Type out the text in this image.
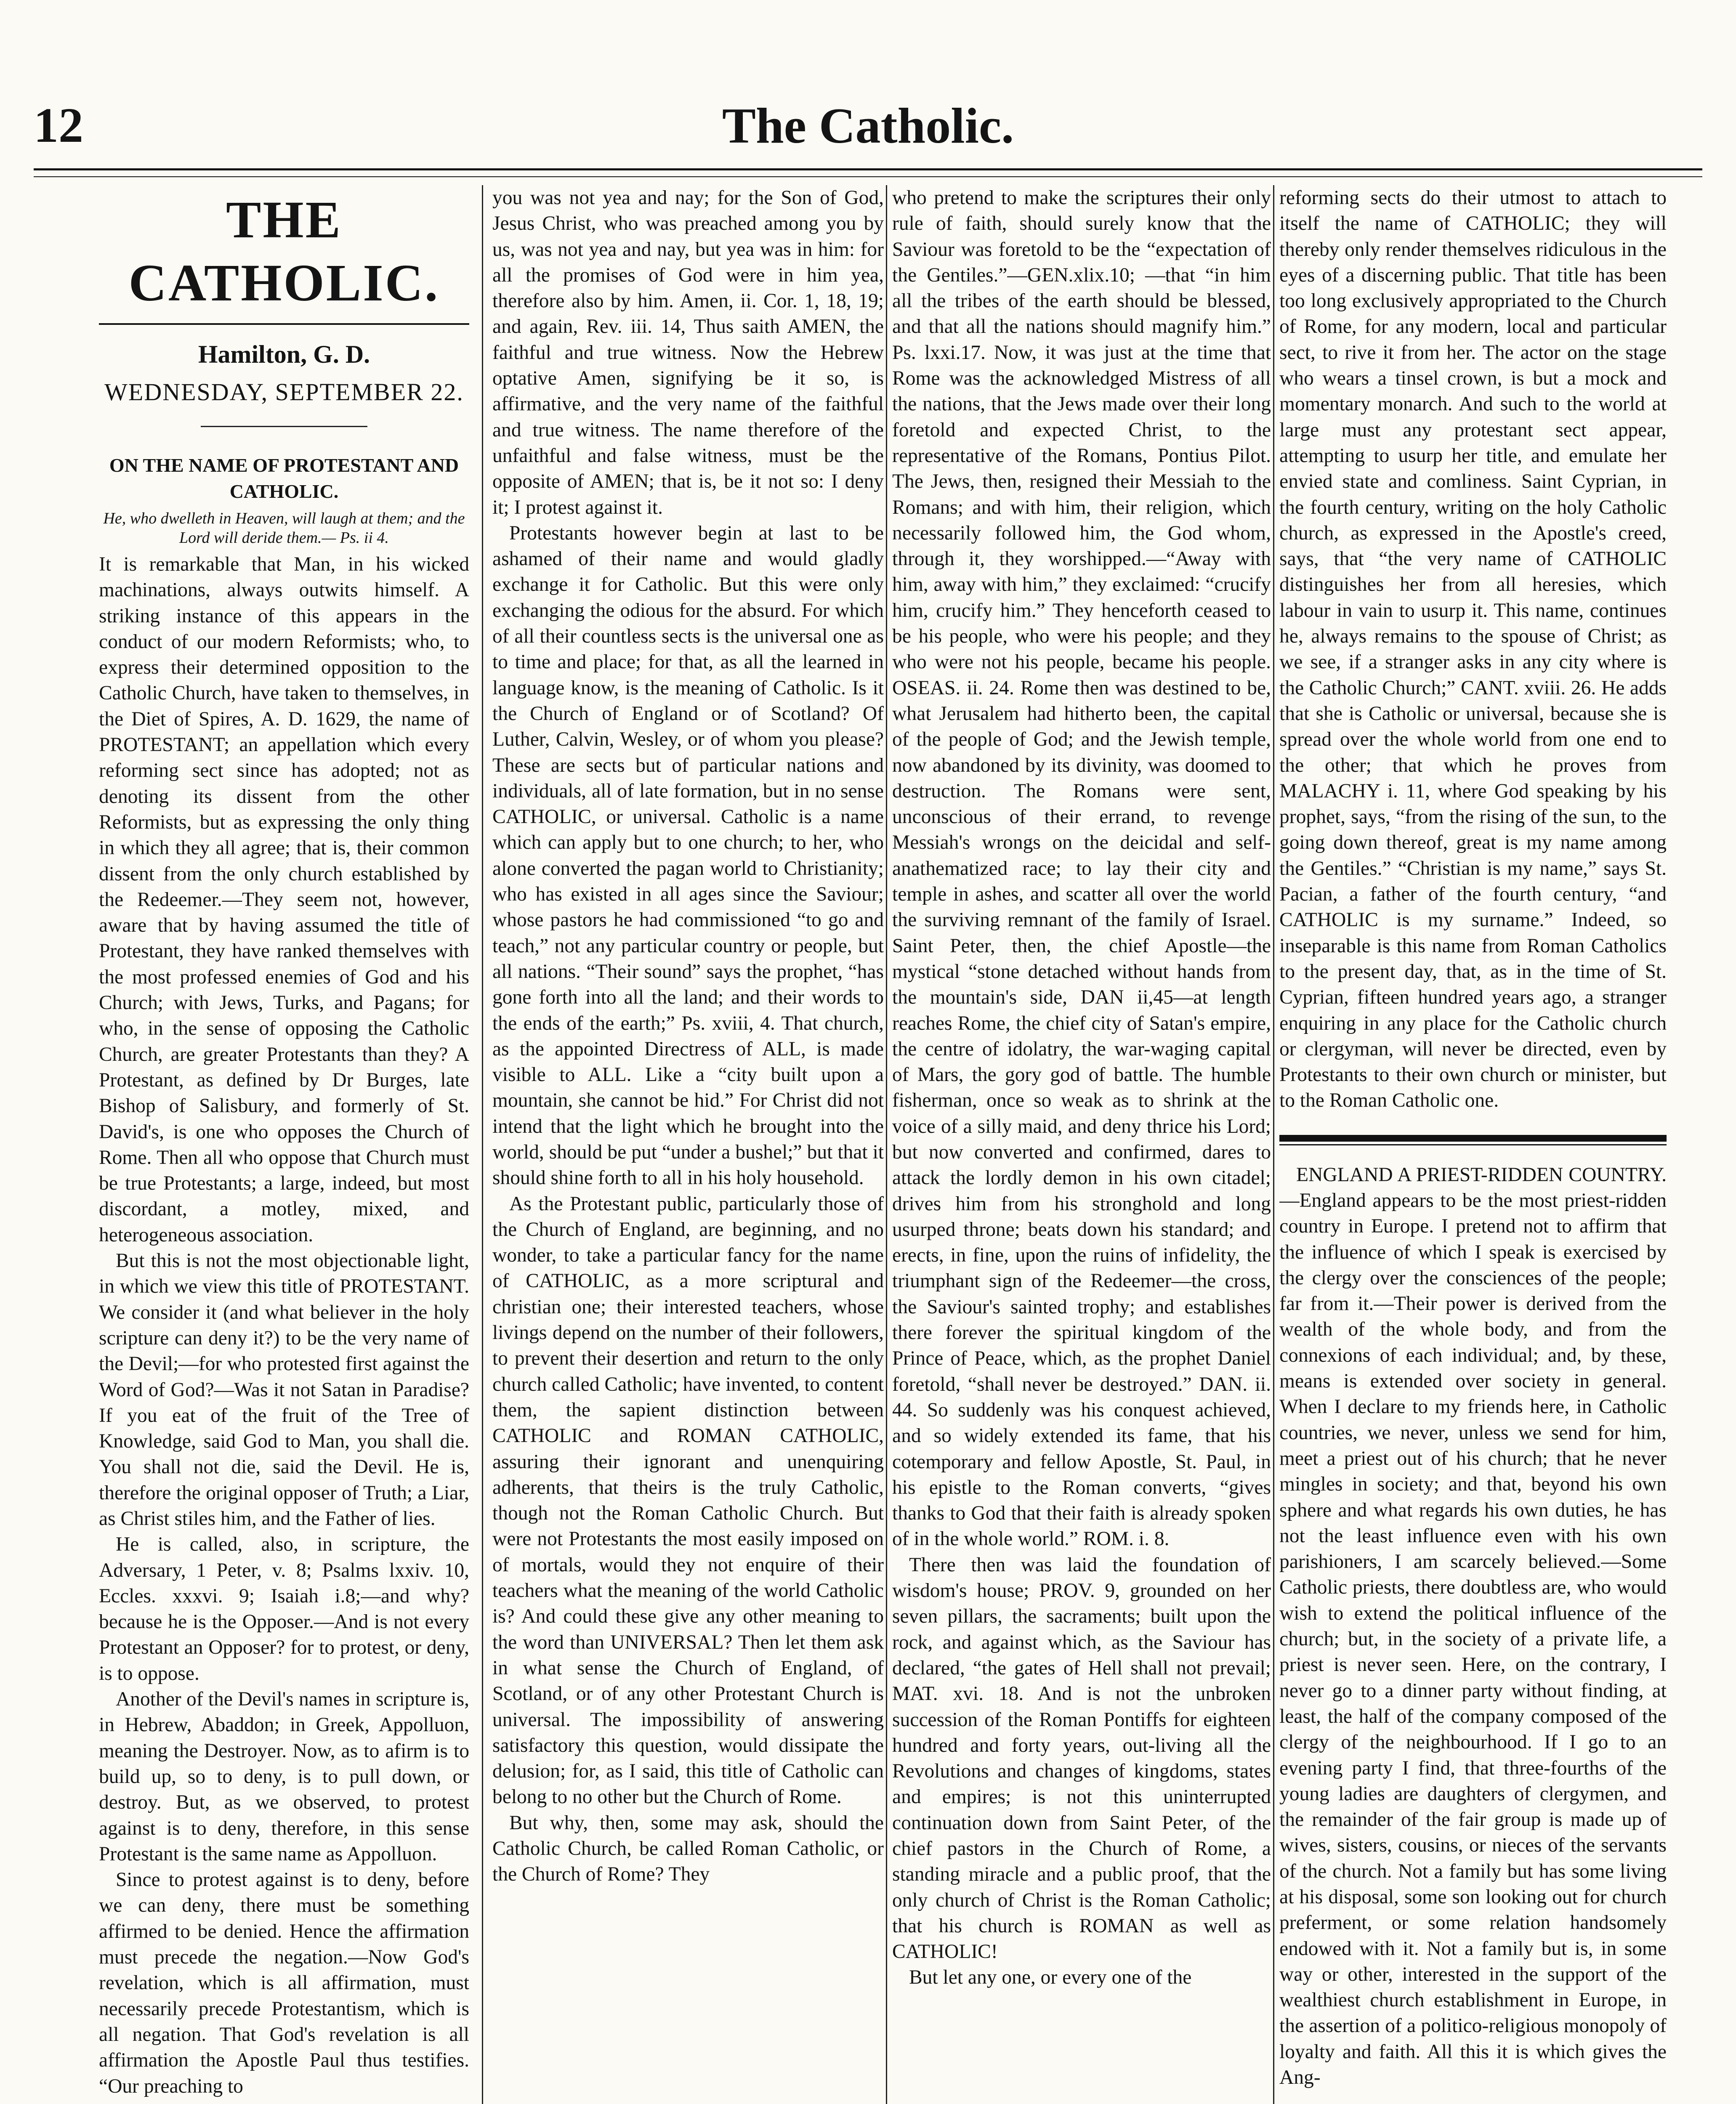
12	The Catholic.
THE CATHOLIC.
Hamilton, G. D.
WEDNESDAY, SEPTEMBER 22.
ON THE NAME OF PROTESTANT AND CATHOLIC.
He, who dwelleth in Heaven, will laugh at them; and the Lord will deride them.— Ps. ii 4.

It is remarkable that Man, in his wicked machinations, always outwits himself. A striking instance of this appears in the conduct of our modern Reformists; who, to express their determined opposition to the Catholic Church, have taken to themselves, in the Diet of Spires, A. D. 1629, the name of PROTESTANT; an appellation which every reforming sect since has adopted; not as denoting its dissent from the other Reformists, but as expressing the only thing in which they all agree; that is, their common dissent from the only church established by the Redeemer.—They seem not, however, aware that by having assumed the title of Protestant, they have ranked themselves with the most professed enemies of God and his Church; with Jews, Turks, and Pagans; for who, in the sense of opposing the Catholic Church, are greater Protestants than they? A Protestant, as defined by Dr Burges, late Bishop of Salisbury, and formerly of St. David's, is one who opposes the Church of Rome. Then all who oppose that Church must be true Protestants; a large, indeed, but most discordant, a motley, mixed, and heterogeneous association.

But this is not the most objectionable light, in which we view this title of PROTESTANT. We consider it (and what believer in the holy scripture can deny it?) to be the very name of the Devil;—for who protested first against the Word of God?—Was it not Satan in Paradise? If you eat of the fruit of the Tree of Knowledge, said God to Man, you shall die. You shall not die, said the Devil. He is, therefore the original opposer of Truth; a Liar, as Christ stiles him, and the Father of lies.

He is called, also, in scripture, the Adversary, 1 Peter, v. 8; Psalms lxxiv. 10, Eccles. xxxvi. 9; Isaiah i.8;—and why? because he is the Opposer.—And is not every Protestant an Opposer? for to protest, or deny, is to oppose.

Another of the Devil's names in scripture is, in Hebrew, Abaddon; in Greek, Appolluon, meaning the Destroyer. Now, as to afirm is to build up, so to deny, is to pull down, or destroy. But, as we observed, to protest against is to deny, therefore, in this sense Protestant is the same name as Appolluon.

Since to protest against is to deny, before we can deny, there must be something affirmed to be denied. Hence the affirmation must precede the negation.—Now God's revelation, which is all affirmation, must necessarily precede Protestantism, which is all negation. That God's revelation is all affirmation the Apostle Paul thus testifies. “Our preaching to

you was not yea and nay; for the Son of God, Jesus Christ, who was preached among you by us, was not yea and nay, but yea was in him: for all the promises of God were in him yea, therefore also by him. Amen, ii. Cor. 1, 18, 19; and again, Rev. iii. 14, Thus saith AMEN, the faithful and true witness. Now the Hebrew optative Amen, signifying be it so, is affirmative, and the very name of the faithful and true witness. The name therefore of the unfaithful and false witness, must be the opposite of AMEN; that is, be it not so: I deny it; I protest against it.

Protestants however begin at last to be ashamed of their name and would gladly exchange it for Catholic. But this were only exchanging the odious for the absurd. For which of all their countless sects is the universal one as to time and place; for that, as all the learned in language know, is the meaning of Catholic. Is it the Church of England or of Scotland? Of Luther, Calvin, Wesley, or of whom you please? These are sects but of particular nations and individuals, all of late formation, but in no sense CATHOLIC, or universal. Catholic is a name which can apply but to one church; to her, who alone converted the pagan world to Christianity; who has existed in all ages since the Saviour; whose pastors he had commissioned “to go and teach,” not any particular country or people, but all nations. “Their sound” says the prophet, “has gone forth into all the land; and their words to the ends of the earth;” Ps. xviii, 4. That church, as the appointed Directress of ALL, is made visible to ALL. Like a “city built upon a mountain, she cannot be hid.” For Christ did not intend that the light which he brought into the world, should be put “under a bushel;” but that it should shine forth to all in his holy household.

As the Protestant public, particularly those of the Church of England, are beginning, and no wonder, to take a particular fancy for the name of CATHOLIC, as a more scriptural and christian one; their interested teachers, whose livings depend on the number of their followers, to prevent their desertion and return to the only church called Catholic; have invented, to content them, the sapient distinction between CATHOLIC and ROMAN CATHOLIC, assuring their ignorant and unenquiring adherents, that theirs is the truly Catholic, though not the Roman Catholic Church. But were not Protestants the most easily imposed on of mortals, would they not enquire of their teachers what the meaning of the world Catholic is? And could these give any other meaning to the word than UNIVERSAL? Then let them ask in what sense the Church of England, of Scotland, or of any other Protestant Church is universal. The impossibility of answering satisfactory this question, would dissipate the delusion; for, as I said, this title of Catholic can belong to no other but the Church of Rome.

But why, then, some may ask, should the Catholic Church, be called Roman Catholic, or the Church of Rome? They

who pretend to make the scriptures their only rule of faith, should surely know that the Saviour was foretold to be the “expectation of the Gentiles.”—GEN.xlix.10; —that “in him all the tribes of the earth should be blessed, and that all the nations should magnify him.” Ps. lxxi.17. Now, it was just at the time that Rome was the acknowledged Mistress of all the nations, that the Jews made over their long foretold and expected Christ, to the representative of the Romans, Pontius Pilot. The Jews, then, resigned their Messiah to the Romans; and with him, their religion, which necessarily followed him, the God whom, through it, they worshipped.—“Away with him, away with him,” they exclaimed: “crucify him, crucify him.” They henceforth ceased to be his people, who were his people; and they who were not his people, became his people. OSEAS. ii. 24. Rome then was destined to be, what Jerusalem had hitherto been, the capital of the people of God; and the Jewish temple, now abandoned by its divinity, was doomed to destruction. The Romans were sent, unconscious of their errand, to revenge Messiah's wrongs on the deicidal and self-anathematized race; to lay their city and temple in ashes, and scatter all over the world the surviving remnant of the family of Israel. Saint Peter, then, the chief Apostle—the mystical “stone detached without hands from the mountain's side, DAN ii,45—at length reaches Rome, the chief city of Satan's empire, the centre of idolatry, the war-waging capital of Mars, the gory god of battle. The humble fisherman, once so weak as to shrink at the voice of a silly maid, and deny thrice his Lord; but now converted and confirmed, dares to attack the lordly demon in his own citadel; drives him from his stronghold and long usurped throne; beats down his standard; and erects, in fine, upon the ruins of infidelity, the triumphant sign of the Redeemer—the cross, the Saviour's sainted trophy; and establishes there forever the spiritual kingdom of the Prince of Peace, which, as the prophet Daniel foretold, “shall never be destroyed.” DAN. ii. 44. So suddenly was his conquest achieved, and so widely extended its fame, that his cotemporary and fellow Apostle, St. Paul, in his epistle to the Roman converts, “gives thanks to God that their faith is already spoken of in the whole world.” ROM. i. 8.

There then was laid the foundation of wisdom's house; PROV. 9, grounded on her seven pillars, the sacraments; built upon the rock, and against which, as the Saviour has declared, “the gates of Hell shall not prevail; MAT. xvi. 18. And is not the unbroken succession of the Roman Pontiffs for eighteen hundred and forty years, out-living all the Revolutions and changes of kingdoms, states and empires; is not this uninterrupted continuation down from Saint Peter, of the chief pastors in the Church of Rome, a standing miracle and a public proof, that the only church of Christ is the Roman Catholic; that his church is ROMAN as well as CATHOLIC!

But let any one, or every one of the

reforming sects do their utmost to attach to itself the name of CATHOLIC; they will thereby only render themselves ridiculous in the eyes of a discerning public. That title has been too long exclusively appropriated to the Church of Rome, for any modern, local and particular sect, to rive it from her. The actor on the stage who wears a tinsel crown, is but a mock and momentary monarch. And such to the world at large must any protestant sect appear, attempting to usurp her title, and emulate her envied state and comliness. Saint Cyprian, in the fourth century, writing on the holy Catholic church, as expressed in the Apostle's creed, says, that “the very name of CATHOLIC distinguishes her from all heresies, which labour in vain to usurp it. This name, continues he, always remains to the spouse of Christ; as we see, if a stranger asks in any city where is the Catholic Church;” CANT. xviii. 26. He adds that she is Catholic or universal, because she is spread over the whole world from one end to the other; that which he proves from MALACHY i. 11, where God speaking by his prophet, says, “from the rising of the sun, to the going down thereof, great is my name among the Gentiles.” “Christian is my name,” says St. Pacian, a father of the fourth century, “and CATHOLIC is my surname.” Indeed, so inseparable is this name from Roman Catholics to the present day, that, as in the time of St. Cyprian, fifteen hundred years ago, a stranger enquiring in any place for the Catholic church or clergyman, will never be directed, even by Protestants to their own church or minister, but to the Roman Catholic one.

ENGLAND A PRIEST-RIDDEN COUNTRY.—England appears to be the most priest-ridden country in Europe. I pretend not to affirm that the influence of which I speak is exercised by the clergy over the consciences of the people; far from it.—Their power is derived from the wealth of the whole body, and from the connexions of each individual; and, by these, means is extended over society in general. When I declare to my friends here, in Catholic countries, we never, unless we send for him, meet a priest out of his church; that he never mingles in society; and that, beyond his own sphere and what regards his own duties, he has not the least influence even with his own parishioners, I am scarcely believed.—Some Catholic priests, there doubtless are, who would wish to extend the political influence of the church; but, in the society of a private life, a priest is never seen. Here, on the contrary, I never go to a dinner party without finding, at least, the half of the company composed of the clergy of the neighbourhood. If I go to an evening party I find, that three-fourths of the young ladies are daughters of clergymen, and the remainder of the fair group is made up of wives, sisters, cousins, or nieces of the servants of the church. Not a family but has some living at his disposal, some son looking out for church preferment, or some relation handsomely endowed with it. Not a family but is, in some way or other, interested in the support of the wealthiest church establishment in Europe, in the assertion of a politico-religious monopoly of loyalty and faith. All this it is which gives the Ang-
